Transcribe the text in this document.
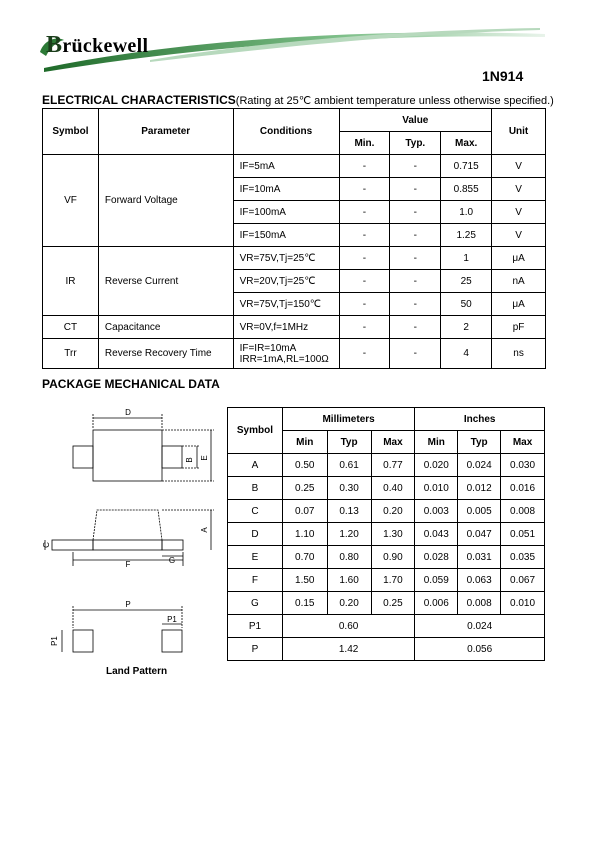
Brückewell
1N914
ELECTRICAL CHARACTERISTICS(Rating at 25℃ ambient temperature unless otherwise specified.)
Symbol	Parameter	Conditions	Value			Unit
			Min.	Typ.	Max.	
VF	Forward Voltage	IF=5mA	-	-	0.715	V

		IF=10mA	-	-	0.855	V

		IF=100mA	-	-	1.0	V

		IF=150mA	-	-	1.25	V
IR	Reverse Current	VR=75V,Tj=25℃	-	-	1	μA

		VR=20V,Tj=25℃	-	-	25	nA

		VR=75V,Tj=150℃	-	-	50	μA
CT	Capacitance	VR=0V,f=1MHz	-	-	2	pF
Trr	Reverse Recovery Time	IF=IR=10mA
IRR=1mA,RL=100Ω	-	-	4	ns
PACKAGE MECHANICAL DATA
D
B E
A
C
F	G
P
P1
P1
Land Pattern
Symbol	Millimeters			Inches		
	Min	Typ	Max	Min	Typ	Max
A	0.50	0.61	0.77	0.020	0.024	0.030
B	0.25	0.30	0.40	0.010	0.012	0.016
C	0.07	0.13	0.20	0.003	0.005	0.008
D	1.10	1.20	1.30	0.043	0.047	0.051
E	0.70	0.80	0.90	0.028	0.031	0.035
F	1.50	1.60	1.70	0.059	0.063	0.067
G	0.15	0.20	0.25	0.006	0.008	0.010
P1	0.60			0.024		
P	1.42			0.056		
